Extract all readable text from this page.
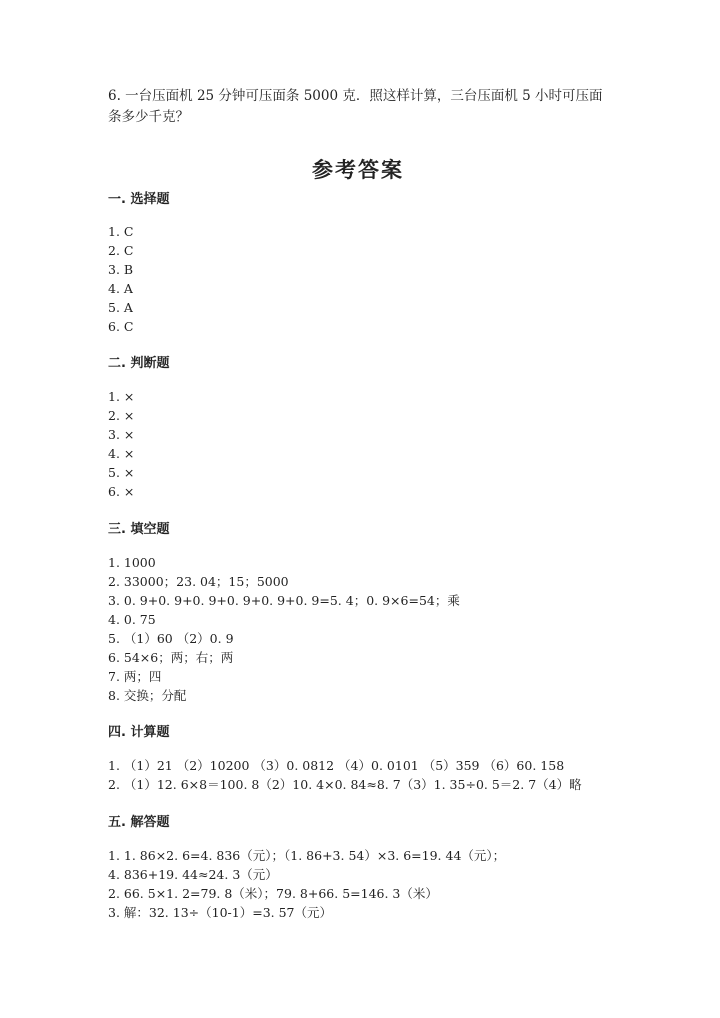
6. 一台压面机 25 分钟可压面条 5000 克．照这样计算，三台压面机 5 小时可压面条多少千克？

参考答案
一. 选择题
1. C
2. C
3. B
4. A
5. A
6. C
二. 判断题
1. ×
2. ×
3. ×
4. ×
5. ×
6. ×
三. 填空题
1. 1000
2. 33000；23. 04；15；5000
3. 0. 9+0. 9+0. 9+0. 9+0. 9+0. 9=5. 4；0. 9×6=54；乘
4. 0. 75
5. （1）60 （2）0. 9
6. 54×6；两；右；两
7. 两；四
8. 交换；分配
四. 计算题
1. （1）21 （2）10200 （3）0. 0812 （4）0. 0101 （5）359 （6）60. 158
2. （1）12. 6×8＝100. 8（2）10. 4×0. 84≈8. 7（3）1. 35÷0. 5＝2. 7（4）略
五. 解答题
1. 1. 86×2. 6=4. 836（元）；（1. 86+3. 54）×3. 6=19. 44（元）；
4. 836+19. 44≈24. 3（元）
2. 66. 5×1. 2=79. 8（米）；79. 8+66. 5=146. 3（米）
3. 解：32. 13÷（10-1）=3. 57（元）
